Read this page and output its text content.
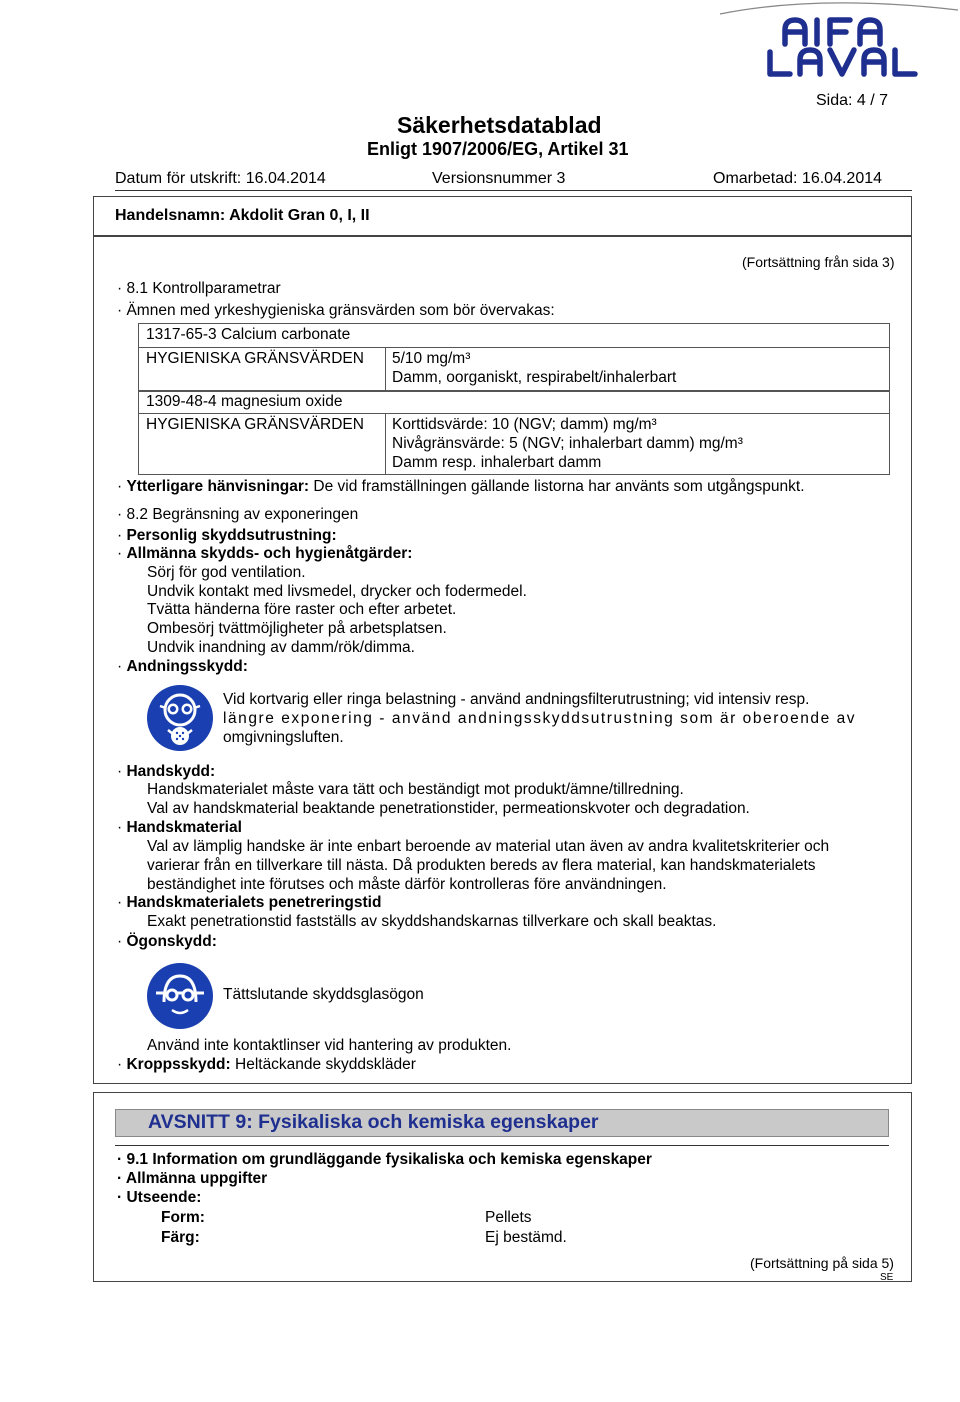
Sida: 4 / 7
Säkerhetsdatablad
Enligt 1907/2006/EG, Artikel 31
Datum för utskrift: 16.04.2014	Versionsnummer 3	Omarbetad: 16.04.2014
Handelsnamn: Akdolit Gran 0, I, II
(Fortsättning från sida 3)
· 8.1 Kontrollparametrar
· Ämnen med yrkeshygieniska gränsvärden som bör övervakas:
1317-65-3 Calcium carbonate
HYGIENISKA GRÄNSVÄRDEN 5/10 mg/m³
Damm, oorganiskt, respirabelt/inhalerbart
1309-48-4 magnesium oxide
HYGIENISKA GRÄNSVÄRDEN Korttidsvärde: 10 (NGV; damm) mg/m³
Nivågränsvärde: 5 (NGV; inhalerbart damm) mg/m³
Damm resp. inhalerbart damm
· Ytterligare hänvisningar: De vid framställningen gällande listorna har använts som utgångspunkt.
· 8.2 Begränsning av exponeringen
· Personlig skyddsutrustning:
· Allmänna skydds- och hygienåtgärder:
Sörj för god ventilation.
Undvik kontakt med livsmedel, drycker och fodermedel.
Tvätta händerna före raster och efter arbetet.
Ombesörj tvättmöjligheter på arbetsplatsen.
Undvik inandning av damm/rök/dimma.
· Andningsskydd:
Vid kortvarig eller ringa belastning - använd andningsfilterutrustning; vid intensiv resp.
längre exponering - använd andningsskyddsutrustning som är oberoende av
omgivningsluften.
· Handskydd:
Handskmaterialet måste vara tätt och beständigt mot produkt/ämne/tillredning.
Val av handskmaterial beaktande penetrationstider, permeationskvoter och degradation.
· Handskmaterial
Val av lämplig handske är inte enbart beroende av material utan även av andra kvalitetskriterier och
varierar från en tillverkare till nästa. Då produkten bereds av flera material, kan handskmaterialets
beständighet inte förutses och måste därför kontrolleras före användningen.
· Handskmaterialets penetreringstid
Exakt penetrationstid fastställs av skyddshandskarnas tillverkare och skall beaktas.
· Ögonskydd:
Tättslutande skyddsglasögon
Använd inte kontaktlinser vid hantering av produkten.
· Kroppsskydd: Heltäckande skyddskläder
AVSNITT 9: Fysikaliska och kemiska egenskaper
· 9.1 Information om grundläggande fysikaliska och kemiska egenskaper
· Allmänna uppgifter
· Utseende:
Form:	Pellets
Färg:	Ej bestämd.
(Fortsättning på sida 5)
SE
